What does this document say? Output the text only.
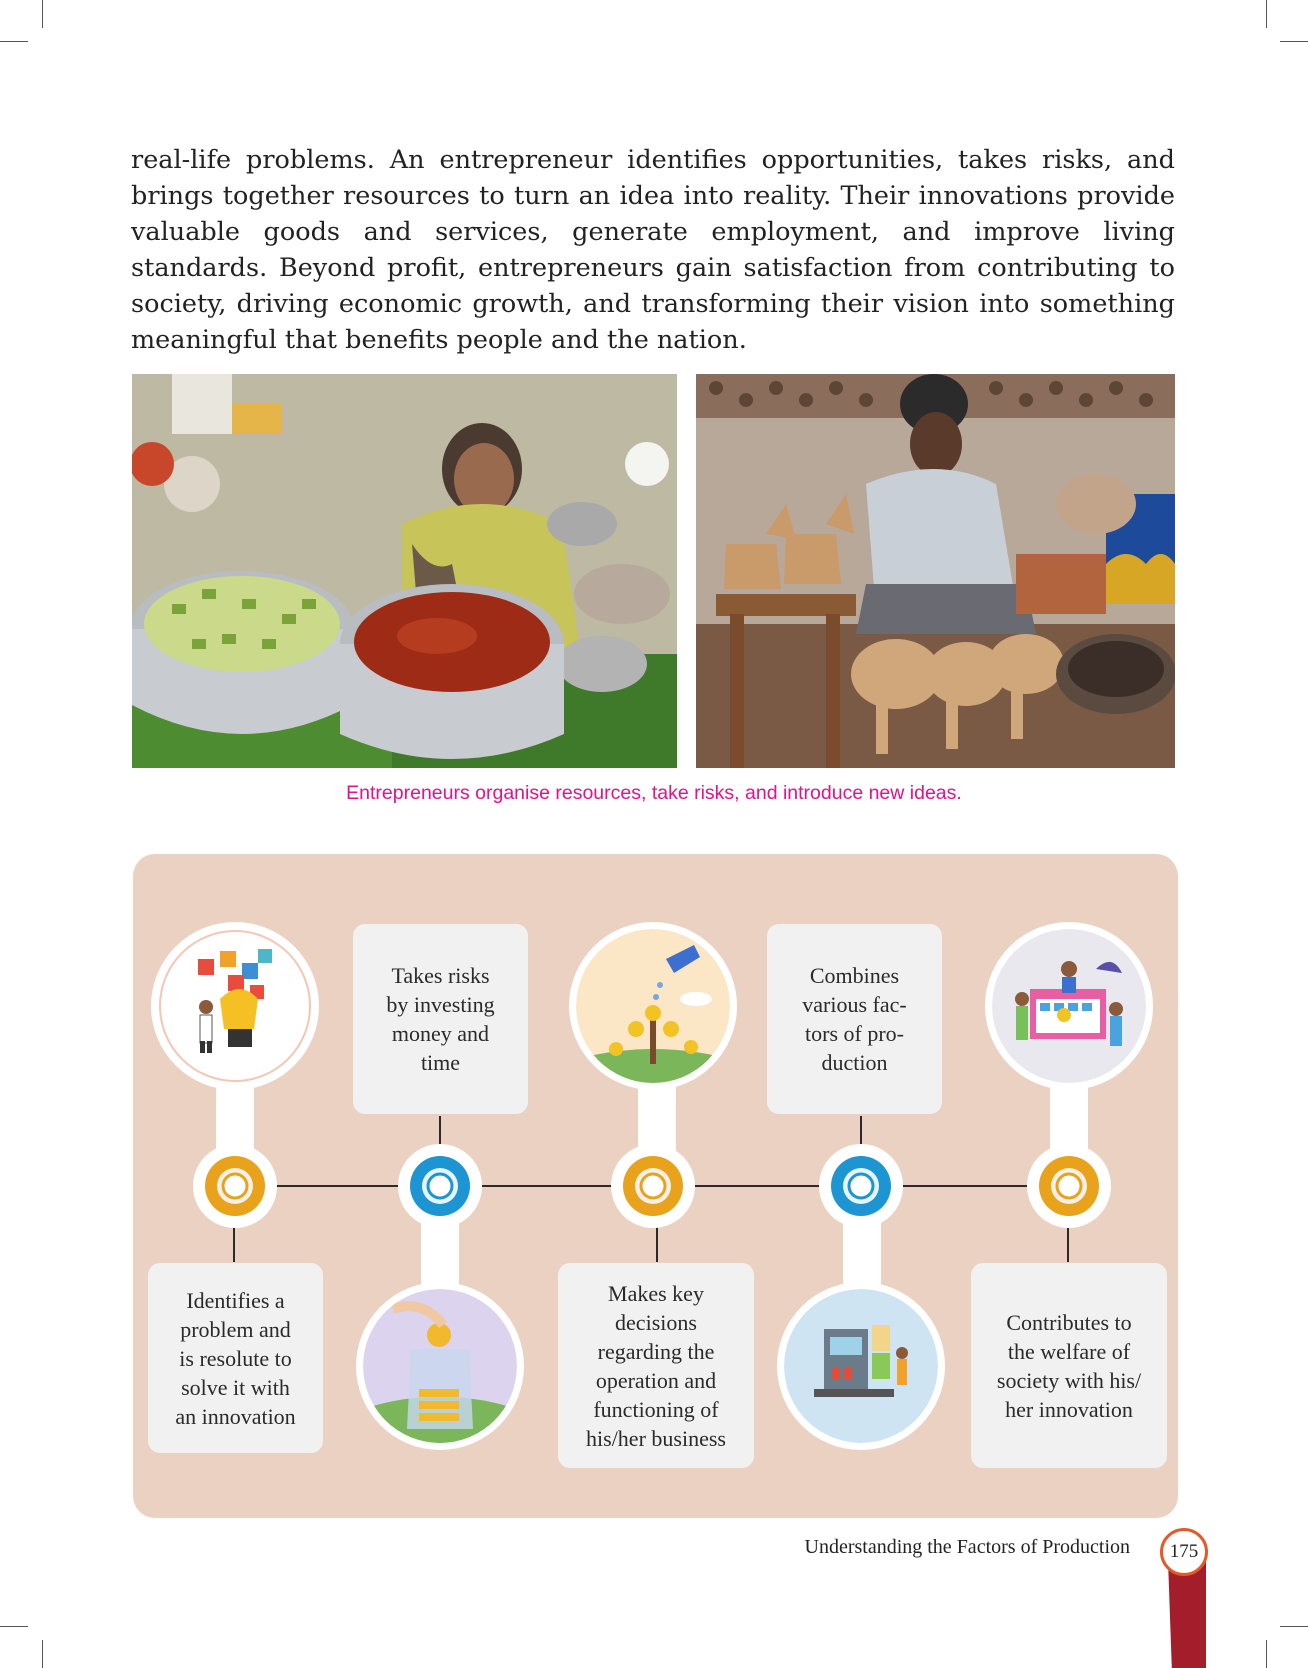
real-life problems. An entrepreneur identifies opportunities, takes risks, and brings together resources to turn an idea into reality. Their innovations provide valuable goods and services, generate employment, and improve living standards. Beyond profit, entrepreneurs gain satisfaction from contributing to society, driving economic growth, and transforming their vision into something meaningful that benefits people and the nation.

Entrepreneurs organise resources, take risks, and introduce new ideas.
Identifies a
problem and
is resolute to
solve it with
an innovation
Takes risks
by investing
money and
time
Makes key
decisions
regarding the
operation and
functioning of
his/her business
Combines
various fac-
tors of pro-
duction
Contributes to
the welfare of
society with his/
her innovation
Understanding the Factors of Production	175
